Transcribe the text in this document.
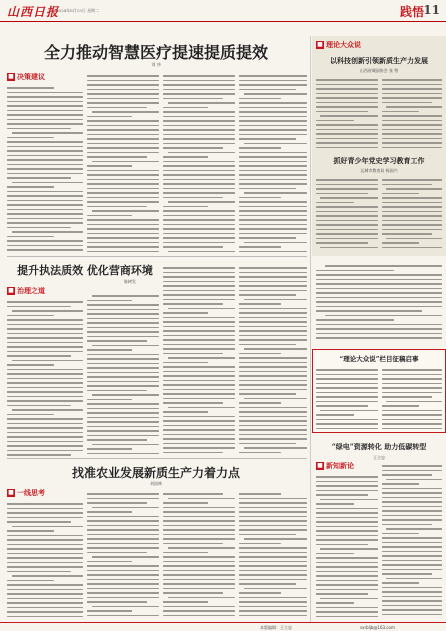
山西日报
2024年8月13日 星期二	践悟 11
全力推动智慧医疗提速提质提效
刘 冲
■ 决策建议
提升执法质效 优化营商环境
陈树发
■ 治理之道
找准农业发展新质生产力着力点
刘国林
■ 一线思考
■ 理论大众说
以科技创新引领新质生产力发展
山西省城园协会 张 智
抓好青少年党史学习教育工作
运城市教育局 杨国兴
“理论大众说”栏目征稿启事
“绿电”资源转化 助力低碳转型
王立忠
■ 新知新论
本版编辑：王立忠	sxrbljb@163.com
